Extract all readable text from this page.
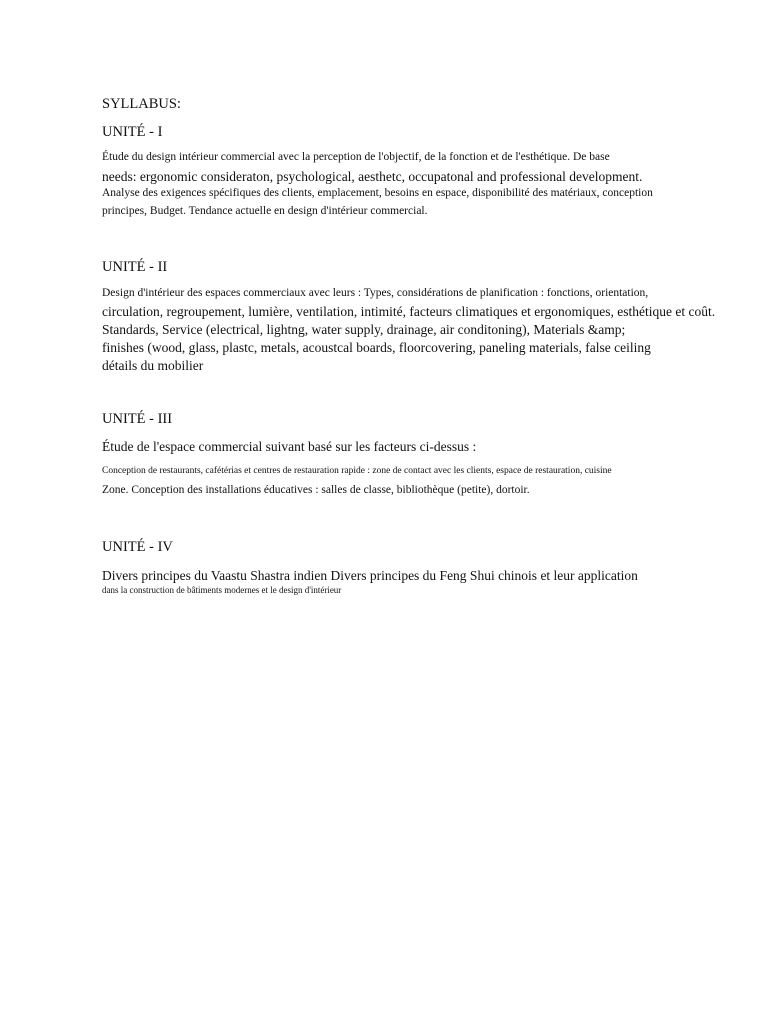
SYLLABUS:
UNITÉ - I
Étude du design intérieur commercial avec la perception de l'objectif, de la fonction et de l'esthétique. De base
needs: ergonomic consideraton, psychological, aesthetc, occupatonal and professional development.
Analyse des exigences spécifiques des clients, emplacement, besoins en espace, disponibilité des matériaux, conception
principes, Budget. Tendance actuelle en design d'intérieur commercial.
UNITÉ - II
Design d'intérieur des espaces commerciaux avec leurs : Types, considérations de planification : fonctions, orientation,
circulation, regroupement, lumière, ventilation, intimité, facteurs climatiques et ergonomiques, esthétique et coût.
Standards, Service (electrical, lightng, water supply, drainage, air conditoning), Materials &amp;
finishes (wood, glass, plastc, metals, acoustcal boards, floorcovering, paneling materials, false ceiling
détails du mobilier
UNITÉ - III
Étude de l'espace commercial suivant basé sur les facteurs ci-dessus :
Conception de restaurants, cafétérias et centres de restauration rapide : zone de contact avec les clients, espace de restauration, cuisine
Zone. Conception des installations éducatives : salles de classe, bibliothèque (petite), dortoir.
UNITÉ - IV
Divers principes du Vaastu Shastra indien Divers principes du Feng Shui chinois et leur application
dans la construction de bâtiments modernes et le design d'intérieur
